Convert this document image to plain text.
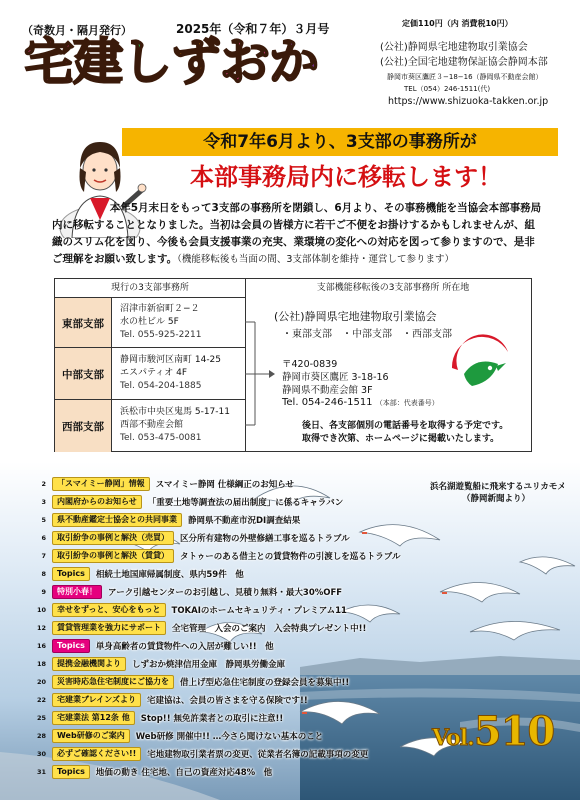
（奇数月・隔月発行）	2025年（令和７年）３月号	定価110円（内 消費税10円）
(公社)静岡県宅地建物取引業協会
(公社)全国宅地建物保証協会静岡本部
静岡市葵区鷹匠３−18−16（静岡県不動産会館）
TEL（054）246-1511(代)
https://www.shizuoka-takken.or.jp
宅建しずおか
令和7年6月より、3支部の事務所が
本部事務局内に移転します！
本年5月末日をもって3支部の事務所を閉鎖し、6月より、その事務機能を当協会本部事務局内に移転することとなりました。当初は会員の皆様方に若干ご不便をお掛けするかもしれませんが、組織のスリム化を図り、今後も会員支援事業の充実、業環境の変化への対応を図って参りますので、是非ご理解をお願い致します。（機能移転後も当面の間、3支部体制を維持・運営して参ります）
現行の3支部事務所	支部機能移転後の3支部事務所 所在地
東部支部
沼津市新宿町２−２
水の杜ビル 5F
Tel. 055-925-2211
中部支部
静岡市駿河区南町 14-25
エスパティオ 4F
Tel. 054-204-1885
西部支部
浜松市中央区鬼馬 5-17-11
西部不動産会館
Tel. 053-475-0081
(公社)静岡県宅地建物取引業協会
・東部支部　・中部支部　・西部支部
〒420-0839
静岡市葵区鷹匠 3-18-16
静岡県不動産会館 3F
Tel. 054-246-1511 （本部：代表番号）
後日、各支部個別の電話番号を取得する予定です。
取得でき次第、ホームページに掲載いたします。
浜名湖遊覧船に飛来するユリカモメ
（静岡新聞より）
2	「スマイミー静岡」情報	スマイミー静岡 仕様綱正のお知らせ
3	内閣府からのお知らせ	「重要土地等調査法の届出制度」に係るキャラバン
5	県不動産鑑定士協会との共同事業	静岡県不動産市況DI調査結果
6	取引紛争の事例と解決（売買）	区分所有建物の外壁修繕工事を巡るトラブル
7	取引紛争の事例と解決（賃貸）	タトゥーのある借主との賃貸物件の引渡しを巡るトラブル
8	Topics	相続土地国庫帰属制度、県内59件　他
9	特別小春！	アーク引越センターのお引越し、見積り無料・最大30%OFF
10	幸せをずっと、安心をもっと	TOKAIのホームセキュリティ・プレミアム11
12	賃貸管理業を強力にサポート	全宅管理　入会のご案内　入会特典プレゼント中!!
16	Topics	単身高齢者の賃貸物件への入居が難しい!!　他
18	提携金融機関より	しずおか焼津信用金庫　静岡県労働金庫
20	災害時応急住宅制度にご協力を	借上げ型応急住宅制度の登録会員を募集中!!
22	宅建業ブレインズより	宅建協は、会員の皆さまを守る保険です!!
25	宅建業法 第12条 他	Stop!! 無免許業者との取引に注意!!
28	Web研修のご案内	Web研修 開催中!! …今さら聞けない基本のこと
30	必ずご確認ください!!	宅地建物取引業者票の変更、従業者名簿の記載事項の変更
31	Topics	地価の動き 住宅地、自己の資産対応48%　他
Vol.510
